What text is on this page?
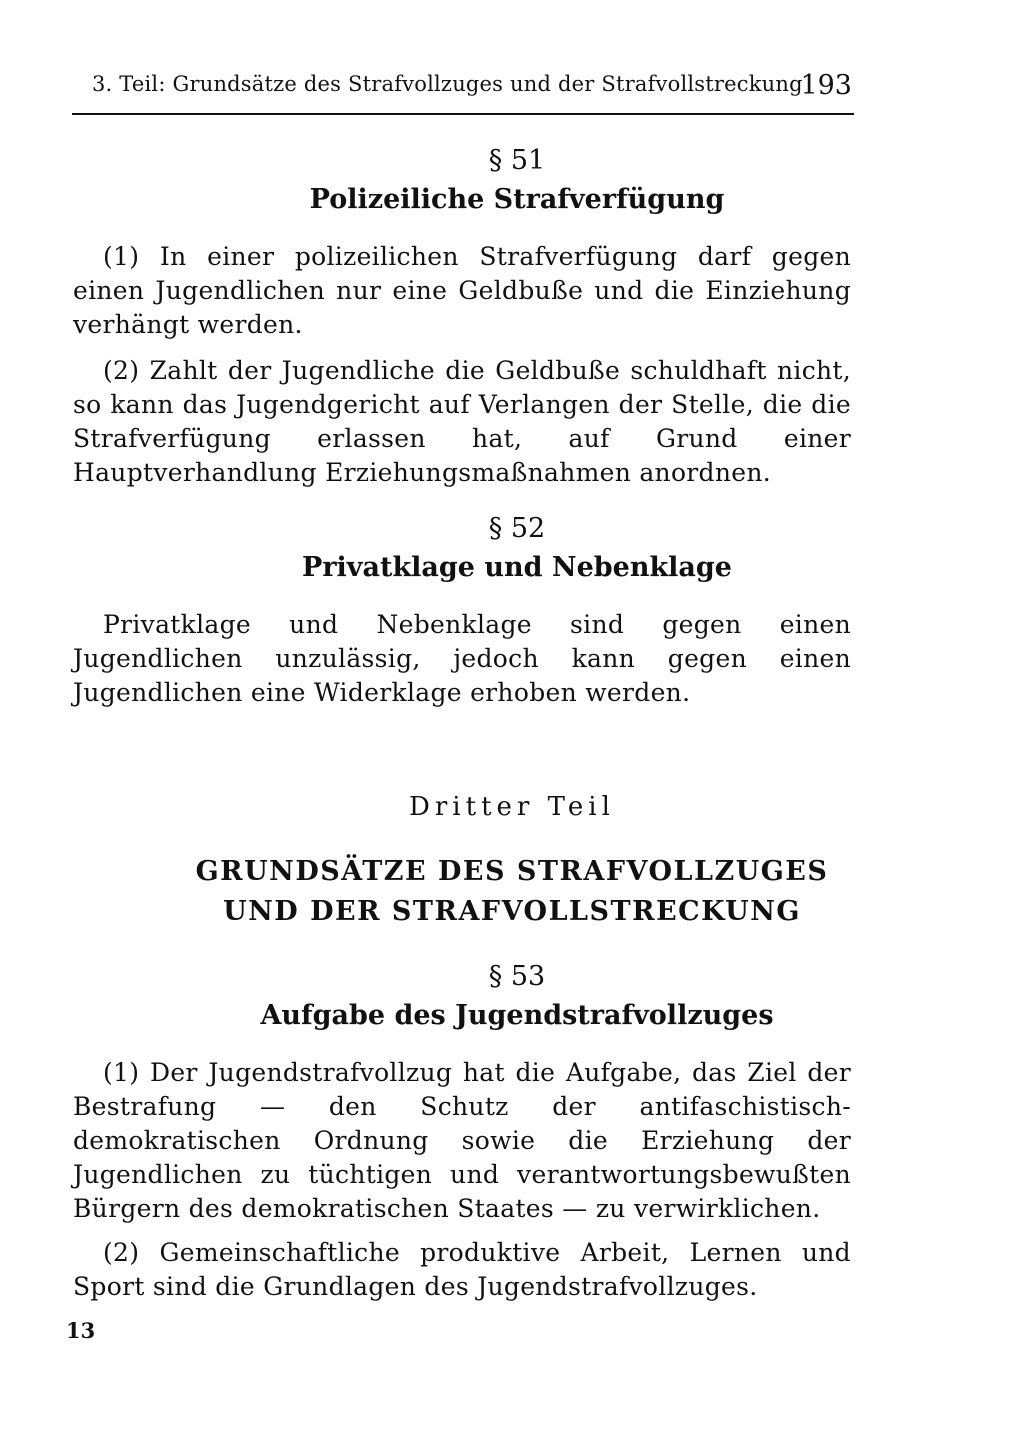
3. Teil: Grundsätze des Strafvollzuges und der Strafvollstreckung
193
§ 51
Polizeiliche Strafverfügung

(1) In einer polizeilichen Strafverfügung darf gegen einen Jugendlichen nur eine Geldbuße und die Einziehung verhängt werden.

(2) Zahlt der Jugendliche die Geldbuße schuldhaft nicht, so kann das Jugendgericht auf Verlangen der Stelle, die die Strafverfügung erlassen hat, auf Grund einer Hauptverhandlung Erziehungsmaßnahmen anordnen.

§ 52
Privatklage und Nebenklage

Privatklage und Nebenklage sind gegen einen Jugendlichen unzulässig, jedoch kann gegen einen Jugendlichen eine Widerklage erhoben werden.

Dritter Teil
GRUNDSÄTZE DES STRAFVOLLZUGES
UND DER STRAFVOLLSTRECKUNG
§ 53
Aufgabe des Jugendstrafvollzuges

(1) Der Jugendstrafvollzug hat die Aufgabe, das Ziel der Bestrafung — den Schutz der antifaschistisch-demokratischen Ordnung sowie die Erziehung der Jugendlichen zu tüchtigen und verantwortungsbewußten Bürgern des demokratischen Staates — zu verwirklichen.

(2) Gemeinschaftliche produktive Arbeit, Lernen und Sport sind die Grundlagen des Jugendstrafvollzuges.

13
